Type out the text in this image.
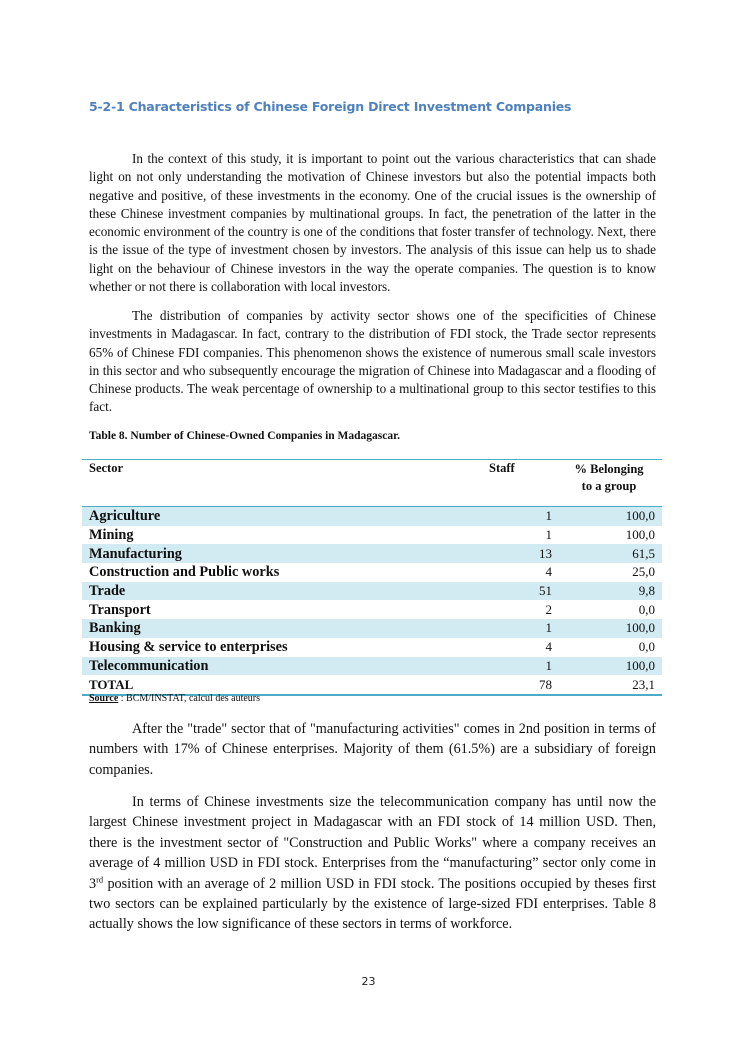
5-2-1 Characteristics of Chinese Foreign Direct Investment Companies

In the context of this study, it is important to point out the various characteristics that can shade light on not only understanding the motivation of Chinese investors but also the potential impacts both negative and positive, of these investments in the economy. One of the crucial issues is the ownership of these Chinese investment companies by multinational groups. In fact, the penetration of the latter in the economic environment of the country is one of the conditions that foster transfer of technology. Next, there is the issue of the type of investment chosen by investors. The analysis of this issue can help us to shade light on the behaviour of Chinese investors in the way the operate companies. The question is to know whether or not there is collaboration with local investors.

The distribution of companies by activity sector shows one of the specificities of Chinese investments in Madagascar. In fact, contrary to the distribution of FDI stock, the Trade sector represents 65% of Chinese FDI companies. This phenomenon shows the existence of numerous small scale investors in this sector and who subsequently encourage the migration of Chinese into Madagascar and a flooding of Chinese products. The weak percentage of ownership to a multinational group to this sector testifies to this fact.

Table 8. Number of Chinese-Owned Companies in Madagascar.
Sector	Staff	% Belonging
to a group
Agriculture	1	100,0
Mining	1	100,0
Manufacturing	13	61,5
Construction and Public works	4	25,0
Trade	51	9,8
Transport	2	0,0
Banking	1	100,0
Housing & service to enterprises	4	0,0
Telecommunication	1	100,0
TOTAL	78	23,1
Source : BCM/INSTAT, calcul des auteurs

After the "trade" sector that of "manufacturing activities" comes in 2nd position in terms of numbers with 17% of Chinese enterprises. Majority of them (61.5%) are a subsidiary of foreign companies.

In terms of Chinese investments size the telecommunication company has until now the largest Chinese investment project in Madagascar with an FDI stock of 14 million USD. Then, there is the investment sector of "Construction and Public Works" where a company receives an average of 4 million USD in FDI stock. Enterprises from the “manufacturing” sector only come in 3rd position with an average of 2 million USD in FDI stock. The positions occupied by theses first two sectors can be explained particularly by the existence of large-sized FDI enterprises. Table 8 actually shows the low significance of these sectors in terms of workforce.

23
